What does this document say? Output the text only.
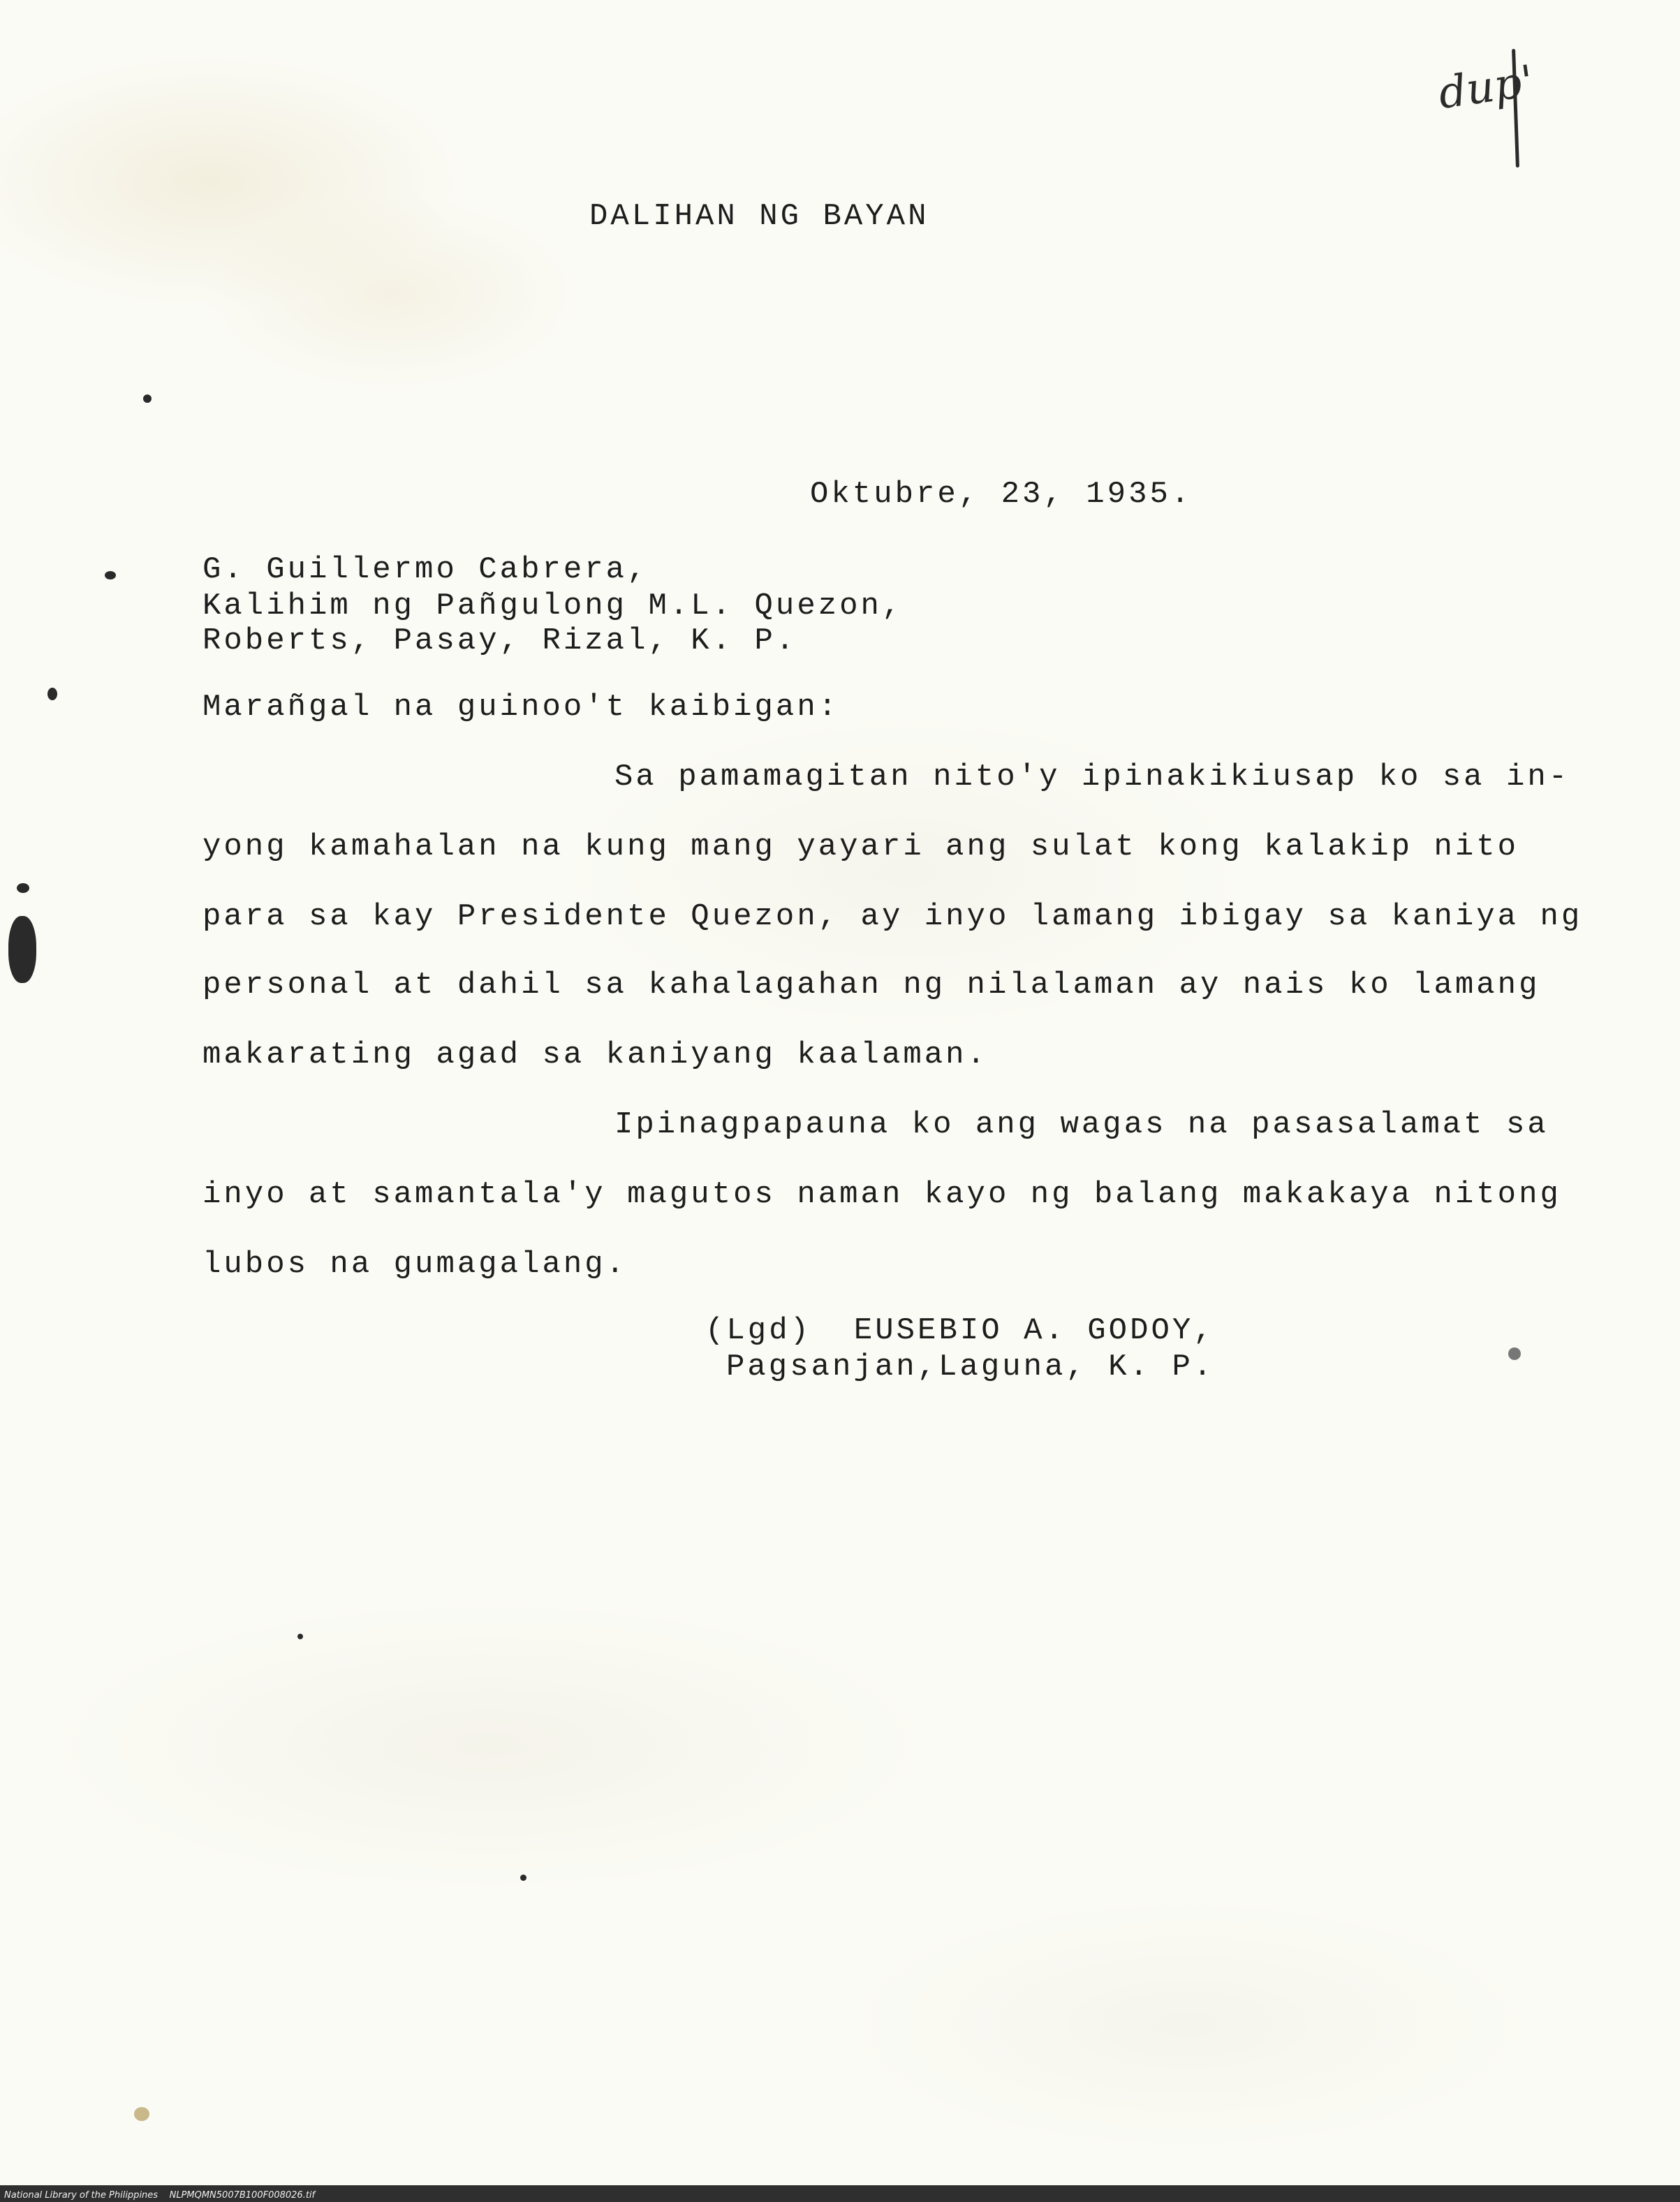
dup'
DALIHAN NG BAYAN
Oktubre, 23, 1935.
G. Guillermo Cabrera,
Kalihim ng Pañgulong M.L. Quezon,
Roberts, Pasay, Rizal, K. P.
Marañgal na guinoo't kaibigan:
Sa pamamagitan nito'y ipinakikiusap ko sa in-
yong kamahalan na kung mang yayari ang sulat kong kalakip nito
para sa kay Presidente Quezon, ay inyo lamang ibigay sa kaniya ng
personal at dahil sa kahalagahan ng nilalaman ay nais ko lamang
makarating agad sa kaniyang kaalaman.
Ipinagpapauna ko ang wagas na pasasalamat sa
inyo at samantala'y magutos naman kayo ng balang makakaya nitong
lubos na gumagalang.
(Lgd)  EUSEBIO A. GODOY,
Pagsanjan,Laguna, K. P.
National Library of the Philippines    NLPMQMN5007B100F008026.tif
